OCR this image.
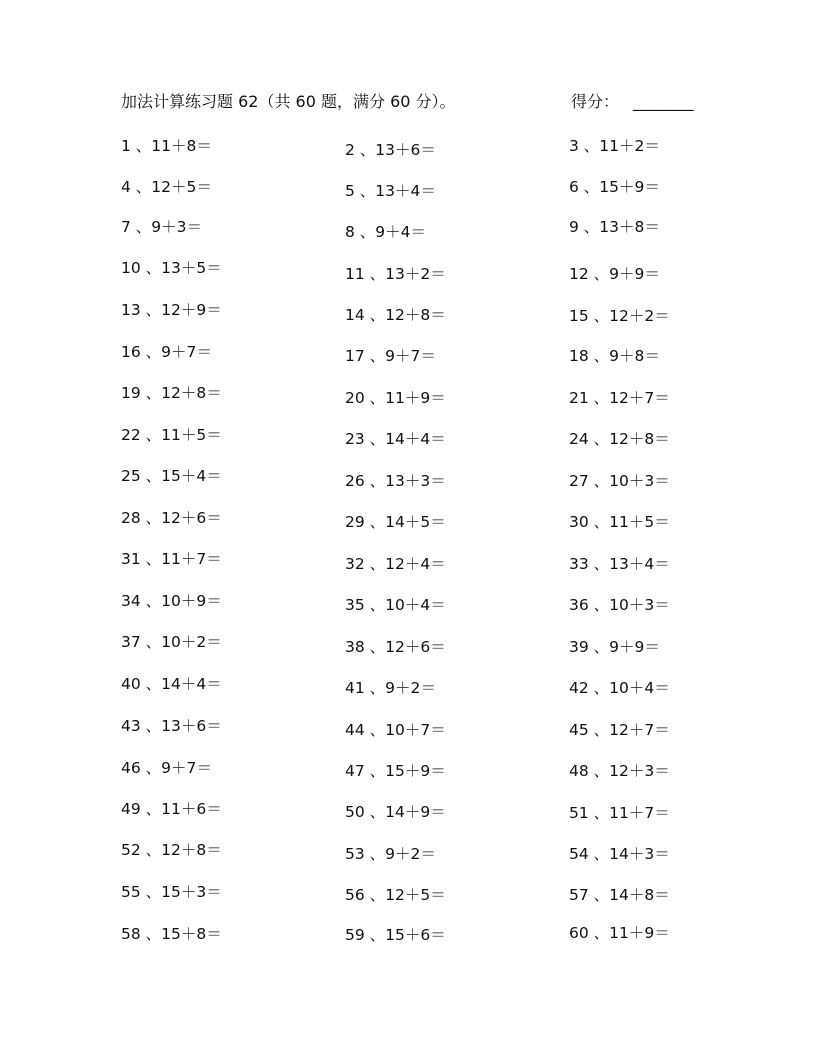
加法计算练习题 62（共 60 题，满分 60 分）。	得分： ________
1 、11＋8＝	2 、13＋6＝	3 、11＋2＝
4 、12＋5＝	5 、13＋4＝	6 、15＋9＝
7 、9＋3＝	8 、9＋4＝	9 、13＋8＝
10 、13＋5＝	11 、13＋2＝	12 、9＋9＝
13 、12＋9＝	14 、12＋8＝	15 、12＋2＝
16 、9＋7＝	17 、9＋7＝	18 、9＋8＝
19 、12＋8＝	20 、11＋9＝	21 、12＋7＝
22 、11＋5＝	23 、14＋4＝	24 、12＋8＝
25 、15＋4＝	26 、13＋3＝	27 、10＋3＝
28 、12＋6＝	29 、14＋5＝	30 、11＋5＝
31 、11＋7＝	32 、12＋4＝	33 、13＋4＝
34 、10＋9＝	35 、10＋4＝	36 、10＋3＝
37 、10＋2＝	38 、12＋6＝	39 、9＋9＝
40 、14＋4＝	41 、9＋2＝	42 、10＋4＝
43 、13＋6＝	44 、10＋7＝	45 、12＋7＝
46 、9＋7＝	47 、15＋9＝	48 、12＋3＝
49 、11＋6＝	50 、14＋9＝	51 、11＋7＝
52 、12＋8＝	53 、9＋2＝	54 、14＋3＝
55 、15＋3＝	56 、12＋5＝	57 、14＋8＝
58 、15＋8＝	59 、15＋6＝	60 、11＋9＝
